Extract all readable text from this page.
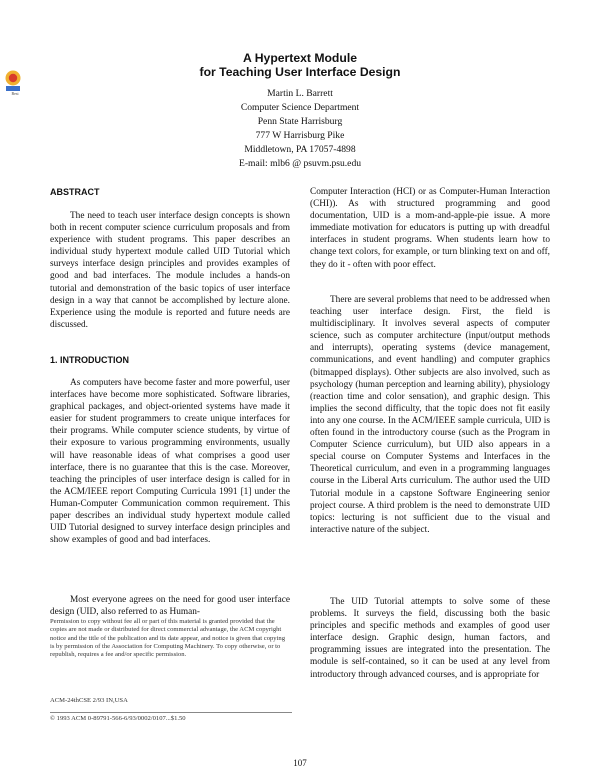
Best
A Hypertext Module
for Teaching User Interface Design
Martin L. Barrett
Computer Science Department
Penn State Harrisburg
777 W Harrisburg Pike
Middletown, PA 17057-4898
E-mail: mlb6 @ psuvm.psu.edu
ABSTRACT

The need to teach user interface design concepts is shown both in recent computer science curriculum proposals and from experience with student programs. This paper describes an individual study hypertext module called UID Tutorial which surveys interface design principles and provides examples of good and bad interfaces. The module includes a hands-on tutorial and demonstration of the basic topics of user interface design in a way that cannot be accomplished by lecture alone. Experience using the module is reported and future needs are discussed.

1. INTRODUCTION

As computers have become faster and more powerful, user interfaces have become more sophisticated. Software libraries, graphical packages, and object-oriented systems have made it easier for student programmers to create unique interfaces for their programs. While computer science students, by virtue of their exposure to various programming environments, usually will have reasonable ideas of what comprises a good user interface, there is no guarantee that this is the case. Moreover, teaching the principles of user interface design is called for in the ACM/IEEE report Computing Curricula 1991 [1] under the Human-Computer Communication common requirement. This paper describes an individual study hypertext module called UID Tutorial designed to survey interface design principles and show examples of good and bad interfaces.

Most everyone agrees on the need for good user interface design (UID, also referred to as Human-

Permission to copy without fee all or part of this material is granted provided that the copies are not made or distributed for direct commercial advantage, the ACM copyright notice and the title of the publication and its date appear, and notice is given that copying is by permission of the Association for Computing Machinery. To copy otherwise, or to republish, requires a fee and/or specific permission.
ACM-24thCSE 2/93 IN,USA
© 1993 ACM 0-89791-566-6/93/0002/0107...$1.50

Computer Interaction (HCI) or as Computer-Human Interaction (CHI)). As with structured programming and good documentation, UID is a mom-and-apple-pie issue. A more immediate motivation for educators is putting up with dreadful interfaces in student programs. When students learn how to change text colors, for example, or turn blinking text on and off, they do it - often with poor effect.

There are several problems that need to be addressed when teaching user interface design. First, the field is multidisciplinary. It involves several aspects of computer science, such as computer architecture (input/output methods and interrupts), operating systems (device management, communications, and event handling) and computer graphics (bitmapped displays). Other subjects are also involved, such as psychology (human perception and learning ability), physiology (reaction time and color sensation), and graphic design. This implies the second difficulty, that the topic does not fit easily into any one course. In the ACM/IEEE sample curricula, UID is often found in the introductory course (such as the Program in Computer Science curriculum), but UID also appears in a special course on Computer Systems and Interfaces in the Theoretical curriculum, and even in a programming languages course in the Liberal Arts curriculum. The author used the UID Tutorial module in a capstone Software Engineering senior project course. A third problem is the need to demonstrate UID topics: lecturing is not sufficient due to the visual and interactive nature of the subject.

The UID Tutorial attempts to solve some of these problems. It surveys the field, discussing both the basic principles and specific methods and examples of good user interface design. Graphic design, human factors, and programming issues are integrated into the presentation. The module is self-contained, so it can be used at any level from introductory through advanced courses, and is appropriate for

107
